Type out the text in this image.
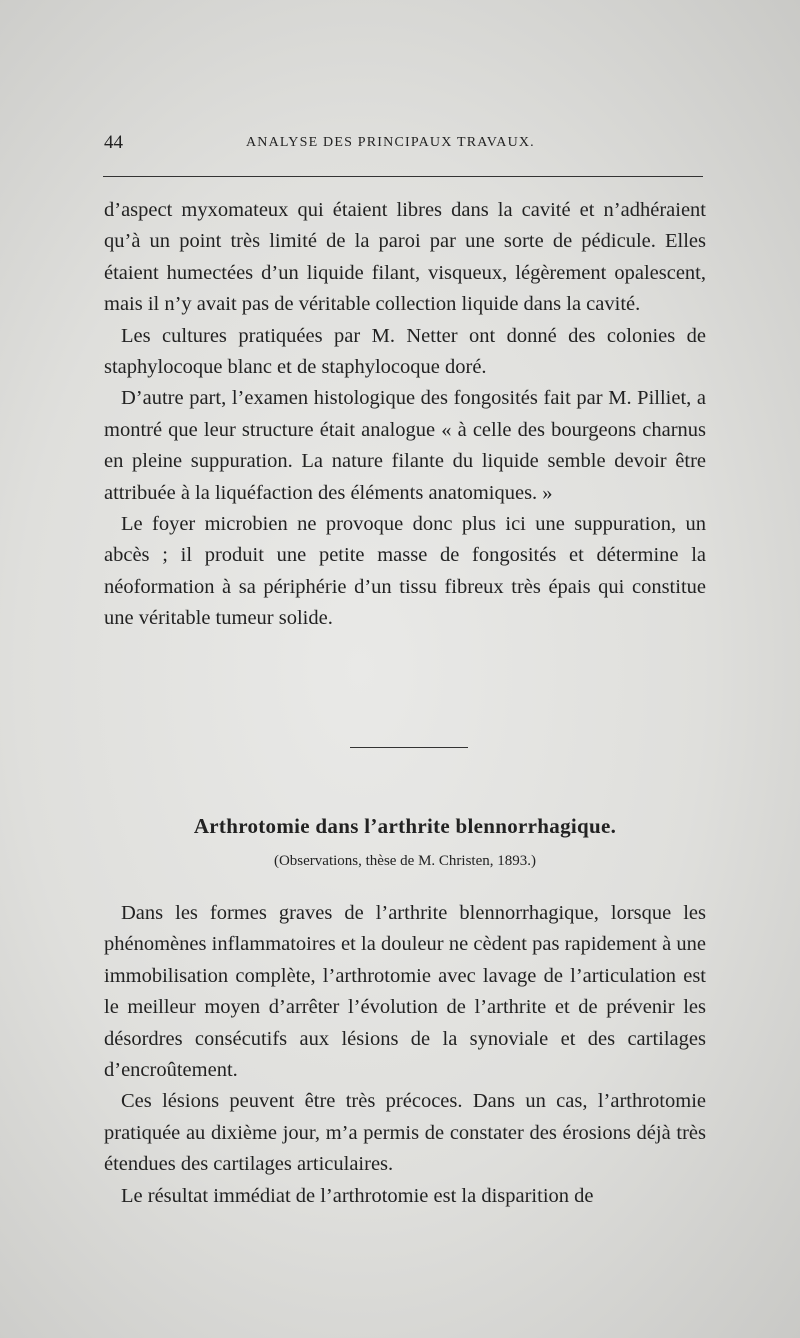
44	ANALYSE DES PRINCIPAUX TRAVAUX.

d’aspect myxomateux qui étaient libres dans la cavité et n’adhéraient qu’à un point très limité de la paroi par une sorte de pédicule. Elles étaient humectées d’un liquide filant, visqueux, légèrement opalescent, mais il n’y avait pas de véritable collection liquide dans la cavité.

Les cultures pratiquées par M. Netter ont donné des colonies de staphylocoque blanc et de staphylocoque doré.

D’autre part, l’examen histologique des fongosités fait par M. Pilliet, a montré que leur structure était analogue « à celle des bourgeons charnus en pleine suppuration. La nature filante du liquide semble devoir être attribuée à la liquéfaction des éléments anatomiques. »

Le foyer microbien ne provoque donc plus ici une suppuration, un abcès ; il produit une petite masse de fongosités et détermine la néoformation à sa périphérie d’un tissu fibreux très épais qui constitue une véritable tumeur solide.

Arthrotomie dans l’arthrite blennorrhagique.
(Observations, thèse de M. Christen, 1893.)

Dans les formes graves de l’arthrite blennorrhagique, lorsque les phénomènes inflammatoires et la douleur ne cèdent pas rapidement à une immobilisation complète, l’arthrotomie avec lavage de l’articulation est le meilleur moyen d’arrêter l’évolution de l’arthrite et de prévenir les désordres consécutifs aux lésions de la synoviale et des cartilages d’encroûtement.

Ces lésions peuvent être très précoces. Dans un cas, l’arthrotomie pratiquée au dixième jour, m’a permis de constater des érosions déjà très étendues des cartilages articulaires.

Le résultat immédiat de l’arthrotomie est la disparition de
